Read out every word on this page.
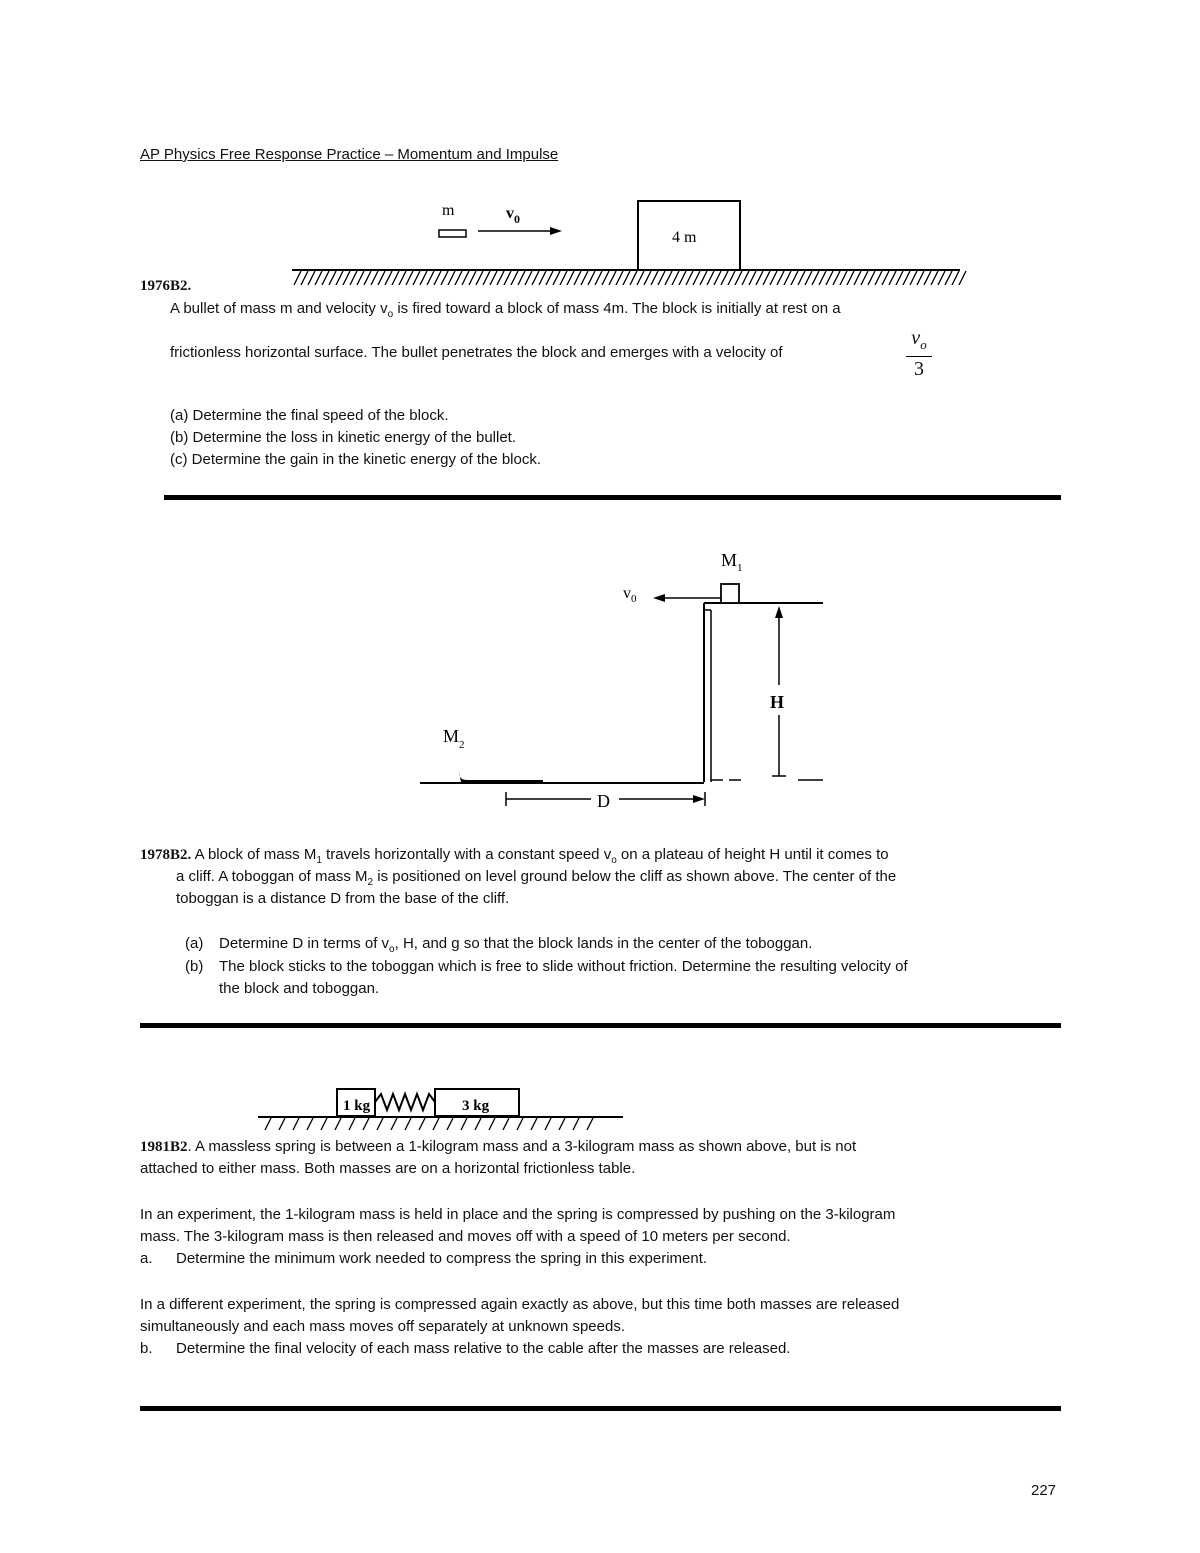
AP Physics Free Response Practice – Momentum and Impulse
m	$v_0$
4 m
1976B2.
A bullet of mass m and velocity $v_o$ is fired toward a block of mass 4m. The block is initially at rest on a
frictionless horizontal surface. The bullet penetrates the block and emerges with a velocity of
$v_o$
3
(a) Determine the final speed of the block.
(b) Determine the loss in kinetic energy of the bullet.
(c) Determine the gain in the kinetic energy of the block.
$M_1$
$v_0$
H
$M_2$
D
1978B2. A block of mass $M_1$ travels horizontally with a constant speed $v_o$ on a plateau of height H until it comes to
a cliff. A toboggan of mass $M_2$ is positioned on level ground below the cliff as shown above. The center of the
toboggan is a distance D from the base of the cliff.
(a) Determine D in terms of $v_o$, H, and g so that the block lands in the center of the toboggan.
(b) The block sticks to the toboggan which is free to slide without friction. Determine the resulting velocity of
the block and toboggan.
1 kg	3 kg
1981B2. A massless spring is between a 1-kilogram mass and a 3-kilogram mass as shown above, but is not
attached to either mass. Both masses are on a horizontal frictionless table.
In an experiment, the 1-kilogram mass is held in place and the spring is compressed by pushing on the 3-kilogram
mass. The 3-kilogram mass is then released and moves off with a speed of 10 meters per second.
a. Determine the minimum work needed to compress the spring in this experiment.
In a different experiment, the spring is compressed again exactly as above, but this time both masses are released
simultaneously and each mass moves off separately at unknown speeds.
b. Determine the final velocity of each mass relative to the cable after the masses are released.
227
